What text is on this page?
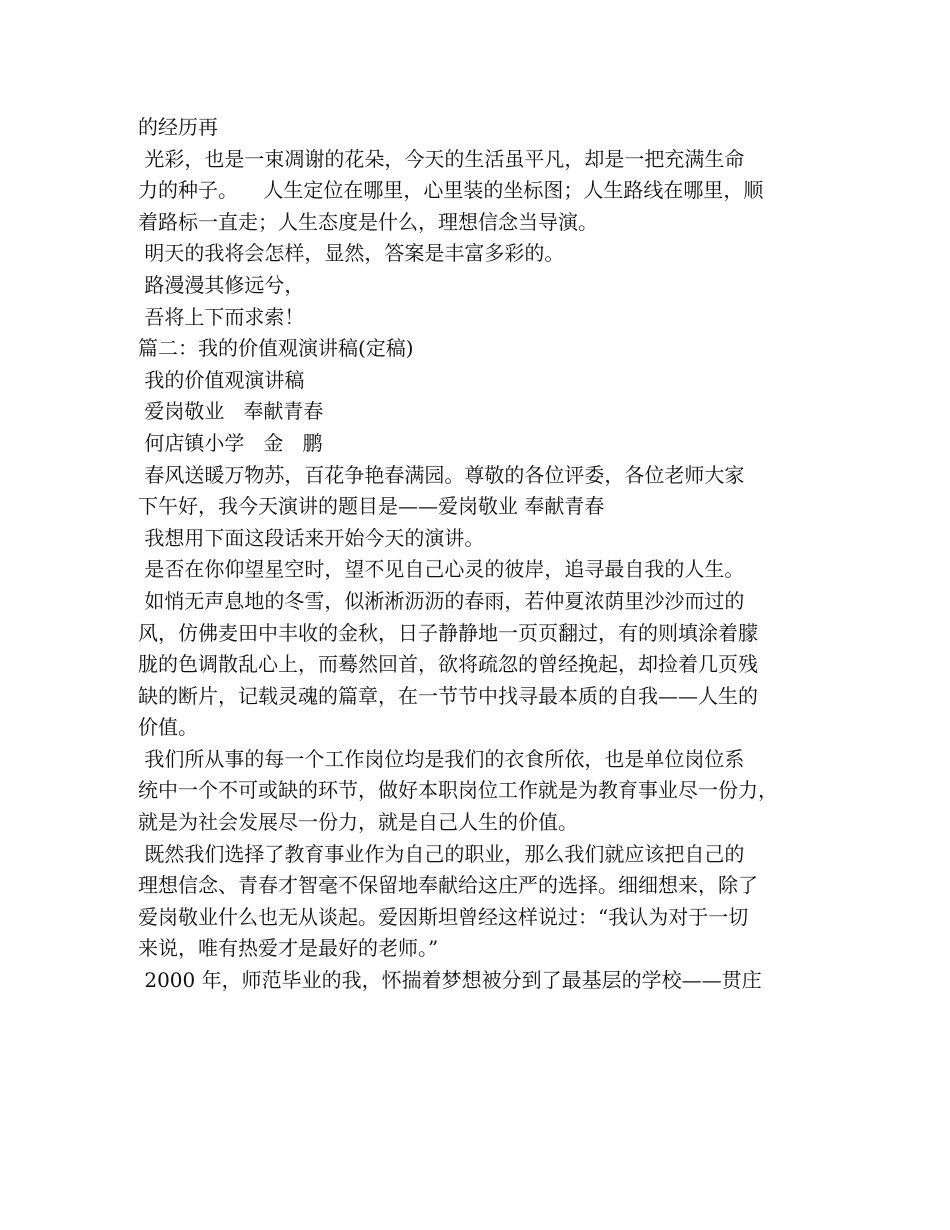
的经历再
光彩，也是一束凋谢的花朵，今天的生活虽平凡，却是一把充满生命
力的种子。    人生定位在哪里，心里装的坐标图；人生路线在哪里，顺
着路标一直走；人生态度是什么，理想信念当导演。
明天的我将会怎样，显然，答案是丰富多彩的。
路漫漫其修远兮，
吾将上下而求索！
篇二：我的价值观演讲稿(定稿)
我的价值观演讲稿
爱岗敬业   奉献青春
何店镇小学   金   鹏
春风送暖万物苏，百花争艳春满园。尊敬的各位评委，各位老师大家
下午好，我今天演讲的题目是——爱岗敬业 奉献青春
我想用下面这段话来开始今天的演讲。
是否在你仰望星空时，望不见自己心灵的彼岸，追寻最自我的人生。
如悄无声息地的冬雪，似淅淅沥沥的春雨，若仲夏浓荫里沙沙而过的
风，仿佛麦田中丰收的金秋，日子静静地一页页翻过，有的则填涂着朦
胧的色调散乱心上，而蓦然回首，欲将疏忽的曾经挽起，却捡着几页残
缺的断片，记载灵魂的篇章，在一节节中找寻最本质的自我——人生的
价值。
我们所从事的每一个工作岗位均是我们的衣食所依，也是单位岗位系
统中一个不可或缺的环节，做好本职岗位工作就是为教育事业尽一份力，
就是为社会发展尽一份力，就是自己人生的价值。
既然我们选择了教育事业作为自己的职业，那么我们就应该把自己的
理想信念、青春才智毫不保留地奉献给这庄严的选择。细细想来，除了
爱岗敬业什么也无从谈起。爱因斯坦曾经这样说过：“我认为对于一切
来说，唯有热爱才是最好的老师。”
2000 年，师范毕业的我，怀揣着梦想被分到了最基层的学校——贯庄
